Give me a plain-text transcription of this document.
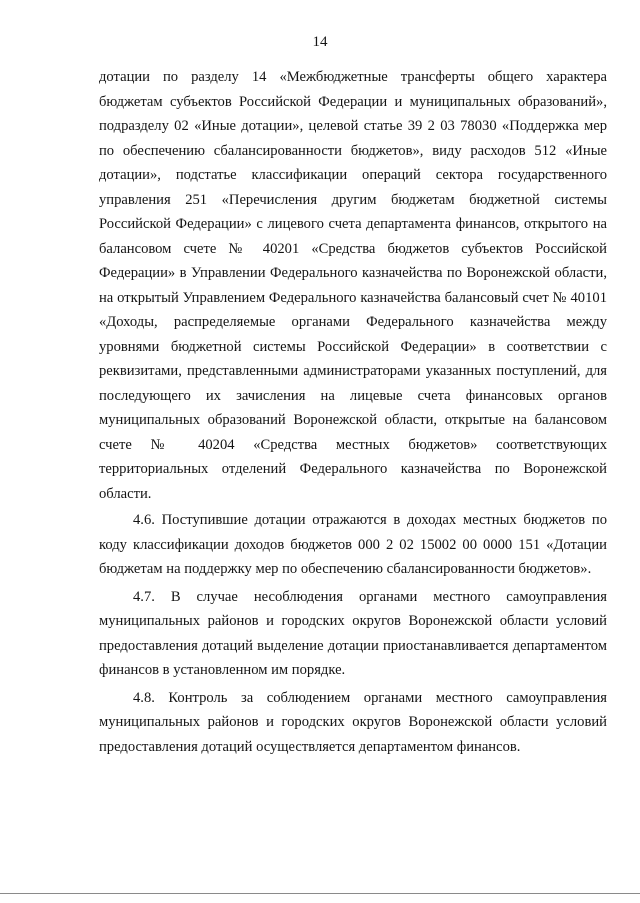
14

дотации по разделу 14 «Межбюджетные трансферты общего характера бюджетам субъектов Российской Федерации и муниципальных образований», подразделу 02 «Иные дотации», целевой статье 39 2 03 78030 «Поддержка мер по обеспечению сбалансированности бюджетов», виду расходов 512 «Иные дотации», подстатье классификации операций сектора государственного управления 251 «Перечисления другим бюджетам бюджетной системы Российской Федерации» с лицевого счета департамента финансов, открытого на балансовом счете № 40201 «Средства бюджетов субъектов Российской Федерации» в Управлении Федерального казначейства по Воронежской области, на открытый Управлением Федерального казначейства балансовый счет № 40101 «Доходы, распределяемые органами Федерального казначейства между уровнями бюджетной системы Российской Федерации» в соответствии с реквизитами, представленными администраторами указанных поступлений, для последующего их зачисления на лицевые счета финансовых органов муниципальных образований Воронежской области, открытые на балансовом счете № 40204 «Средства местных бюджетов» соответствующих территориальных отделений Федерального казначейства по Воронежской области.

4.6. Поступившие дотации отражаются в доходах местных бюджетов по коду классификации доходов бюджетов 000 2 02 15002 00 0000 151 «Дотации бюджетам на поддержку мер по обеспечению сбалансированности бюджетов».

4.7. В случае несоблюдения органами местного самоуправления муниципальных районов и городских округов Воронежской области условий предоставления дотаций выделение дотации приостанавливается департаментом финансов в установленном им порядке.

4.8. Контроль за соблюдением органами местного самоуправления муниципальных районов и городских округов Воронежской области условий предоставления дотаций осуществляется департаментом финансов.
